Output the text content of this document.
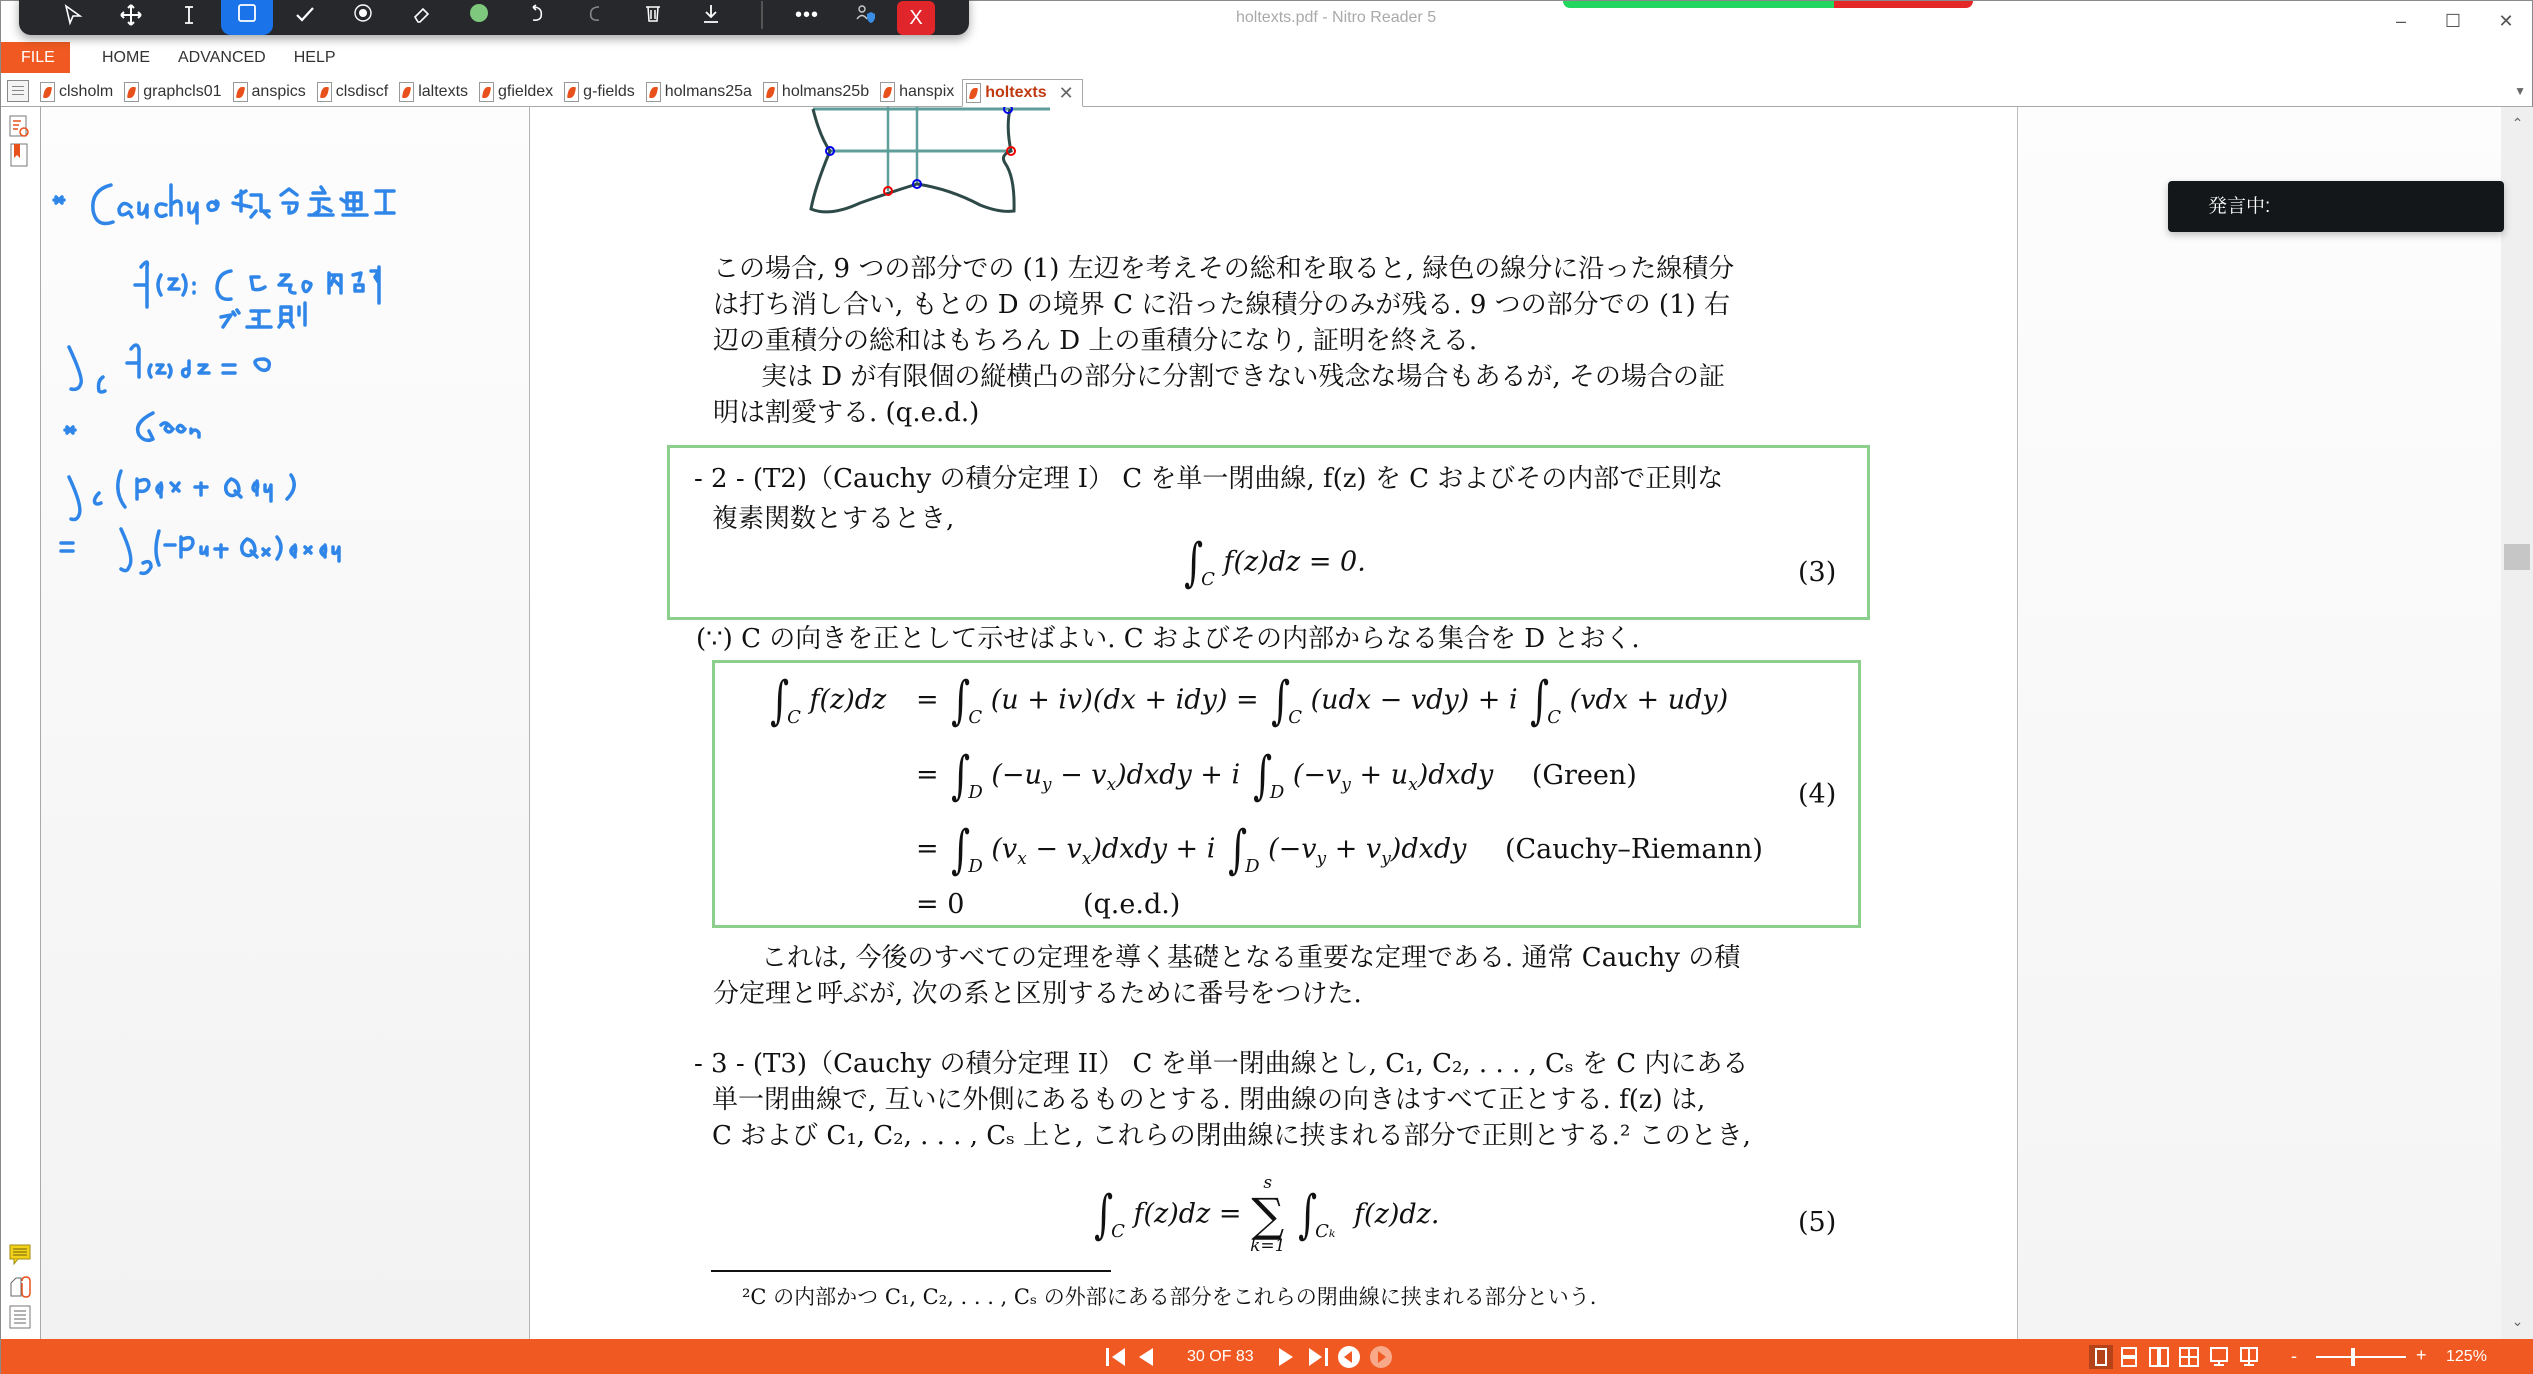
holtexts.pdf - Nitro Reader 5	– ☐ ✕
•••	X
FILE	HOME	ADVANCED	HELP
▼
clsholm graphcls01 anspics clsdiscf laltexts gfieldex g-fields holmans25a holmans25b hanspix holtexts ✕
この場合, 9 つの部分での (1) 左辺を考えその総和を取ると, 緑色の線分に沿った線積分
は打ち消し合い, もとの D の境界 C に沿った線積分のみが残る. 9 つの部分での (1) 右
辺の重積分の総和はもちろん D 上の重積分になり, 証明を終える.
実は D が有限個の縦横凸の部分に分割できない残念な場合もあるが, その場合の証
明は割愛する. (q.e.d.)
- 2 - (T2)（Cauchy の積分定理 I） C を単一閉曲線, f(z) を C およびその内部で正則な
複素関数とするとき,
$\int_C$ f(z)dz = 0.	(3)
(∵) C の向きを正として示せばよい. C およびその内部からなる集合を D とおく.
$\int_C$ $f(z)dz = \int_C$ $(u + iv)(dx + idy) = \int_C$ (udx − vdy) + i $\int_C$ (vdx + udy)
= $\int_D$ ($-u_y$ − $v_x)dxdy + i$ $\int_D$ ($-v_y$ + $u_x)dxdy$ (Green)
= $\int_D$ ($v_x$ − $v_x)dxdy + i$ $\int_D$ ($-v_y$ + $v_y)dxdy$ (Cauchy–Riemann)
= 0	(q.e.d.)
(4)
これは, 今後のすべての定理を導く基礎となる重要な定理である. 通常 Cauchy の積
分定理と呼ぶが, 次の系と区別するために番号をつけた.
- 3 - (T3)（Cauchy の積分定理 II） C を単一閉曲線とし, C₁, C₂, . . . , Cₛ を C 内にある
単一閉曲線で, 互いに外側にあるものとする. 閉曲線の向きはすべて正とする. f(z) は,
C および C₁, C₂, . . . , Cₛ 上と, これらの閉曲線に挟まれる部分で正則とする.² このとき,
$\int_C$ f(z)dz =
s
∑
k=1
$\int_{C_k}$ f(z)dz.	(5)
²C の内部かつ C₁, C₂, . . . , Cₛ の外部にある部分をこれらの閉曲線に挟まれる部分という.
発言中:
⌃
⌄
30 OF 83	-	+ 125%
